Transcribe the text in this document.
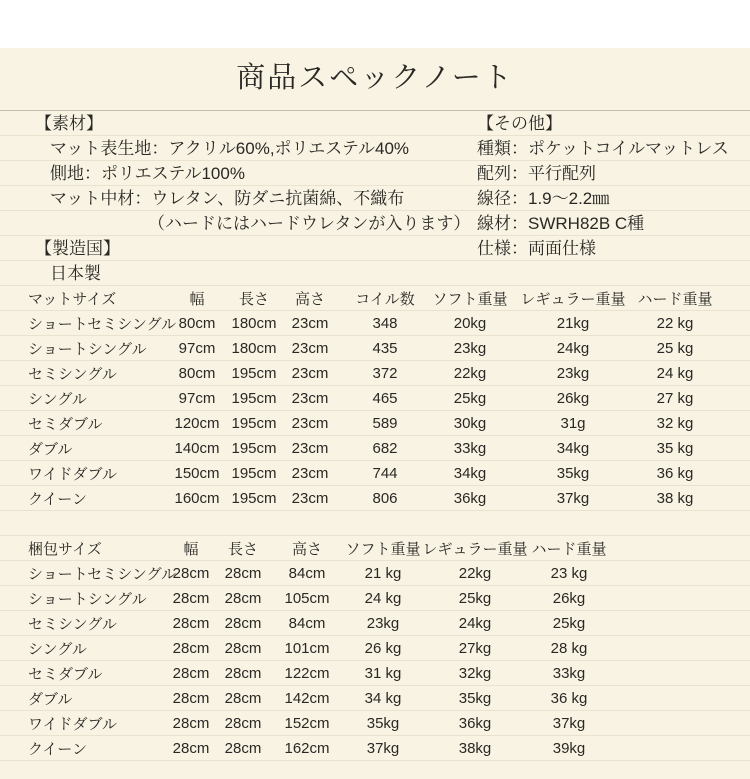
商品スペックノート
【素材】
マット表生地：アクリル60%,ポリエステル40%
側地：ポリエステル100%
マット中材：ウレタン、防ダニ抗菌綿、不織布
（ハードにはハードウレタンが入ります）
【製造国】
日本製
【その他】
種類：ポケットコイルマットレス
配列：平行配列
線径：1.9～2.2㎜
線材：SWRH82B C種
仕様：両面仕様
マットサイズ	幅	長さ	高さ	コイル数	ソフト重量	レギュラー重量	ハード重量	
ショートセミシングル	80cm	180cm	23cm	348	20kg	21kg	22 kg	
ショートシングル	97cm	180cm	23cm	435	23kg	24kg	25 kg	
セミシングル	80cm	195cm	23cm	372	22kg	23kg	24 kg	
シングル	97cm	195cm	23cm	465	25kg	26kg	27 kg	
セミダブル	120cm	195cm	23cm	589	30kg	31g	32 kg	
ダブル	140cm	195cm	23cm	682	33kg	34kg	35 kg	
ワイドダブル	150cm	195cm	23cm	744	34kg	35kg	36 kg	
クイーン	160cm	195cm	23cm	806	36kg	37kg	38 kg	
梱包サイズ	幅	長さ	高さ	ソフト重量	レギュラー重量	ハード重量	
ショートセミシングル	28cm	28cm	84cm	21 kg	22kg	23 kg	
ショートシングル	28cm	28cm	105cm	24 kg	25kg	26kg	
セミシングル	28cm	28cm	84cm	23kg	24kg	25kg	
シングル	28cm	28cm	101cm	26 kg	27kg	28 kg	
セミダブル	28cm	28cm	122cm	31 kg	32kg	33kg	
ダブル	28cm	28cm	142cm	34 kg	35kg	36 kg	
ワイドダブル	28cm	28cm	152cm	35kg	36kg	37kg	
クイーン	28cm	28cm	162cm	37kg	38kg	39kg	
